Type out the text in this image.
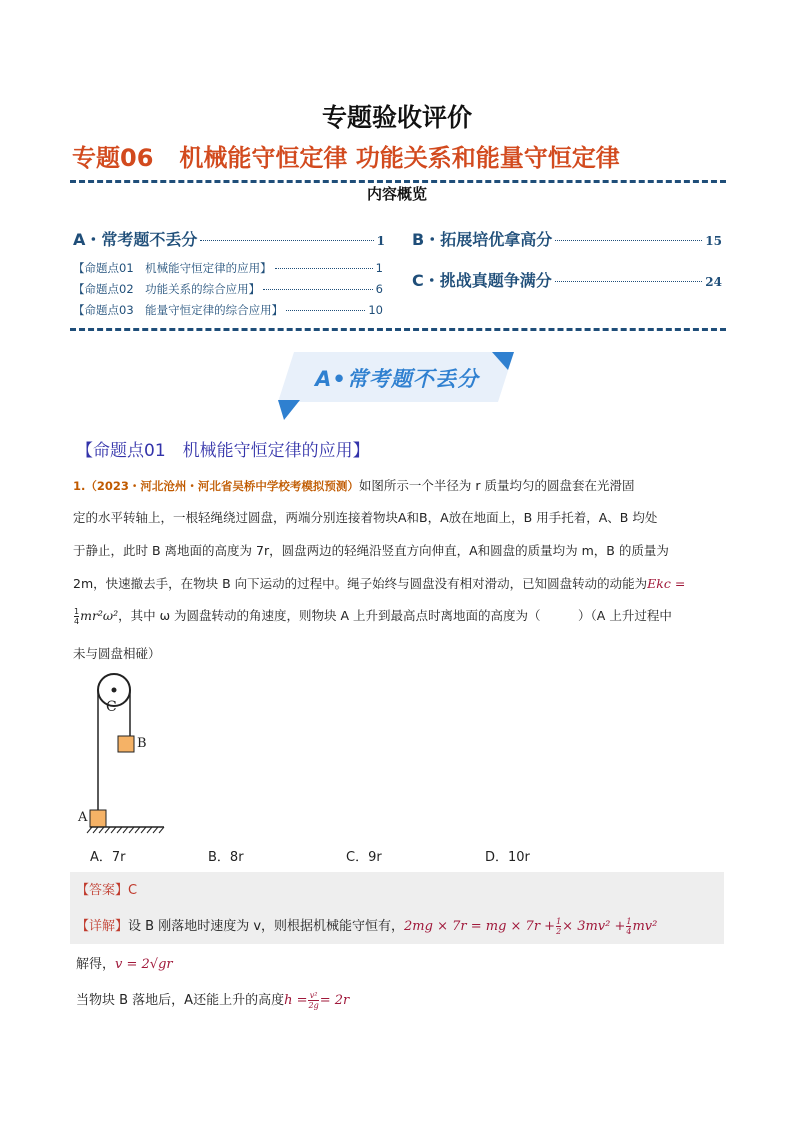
专题验收评价
专题06 机械能守恒定律 功能关系和能量守恒定律
内容概览
A・常考题不丢分	1
【命题点01　机械能守恒定律的应用】	1
【命题点02　功能关系的综合应用】	6
【命题点03　能量守恒定律的综合应用】	10
B・拓展培优拿高分	15
C・挑战真题争满分	24
A•常考题不丢分
【命题点01　机械能守恒定律的应用】
1.（2023・河北沧州・河北省吴桥中学校考模拟预测）如图所示一个半径为 r 质量均匀的圆盘套在光滑固
定的水平转轴上，一根轻绳绕过圆盘，两端分别连接着物块A和B，A放在地面上，B 用手托着，A、B 均处
于静止，此时 B 离地面的高度为 7r，圆盘两边的轻绳沿竖直方向伸直，A和圆盘的质量均为 m，B 的质量为
2m，快速撤去手，在物块 B 向下运动的过程中。绳子始终与圆盘没有相对滑动，已知圆盘转动的动能为Ekc =
$\frac{1}{4} mr^2\omega^2$，其中 ω 为圆盘转动的角速度，则物块 A 上升到最高点时离地面的高度为（　　　）（A 上升过程中
未与圆盘相碰）
C
B
A
A．7r	B．8r	C．9r	D．10r
【答案】C
【详解】设 B 刚落地时速度为 v，则根据机械能守恒有，2mg × 7r = mg × $7r + \frac{1}{2} \times 3mv^2 + \frac{1}{4} mv^2$
解得，v = 2√gr
当物块 B 落地后，A还能上升的高度$h = \frac{\text{v²}}{2g} = 2r$
